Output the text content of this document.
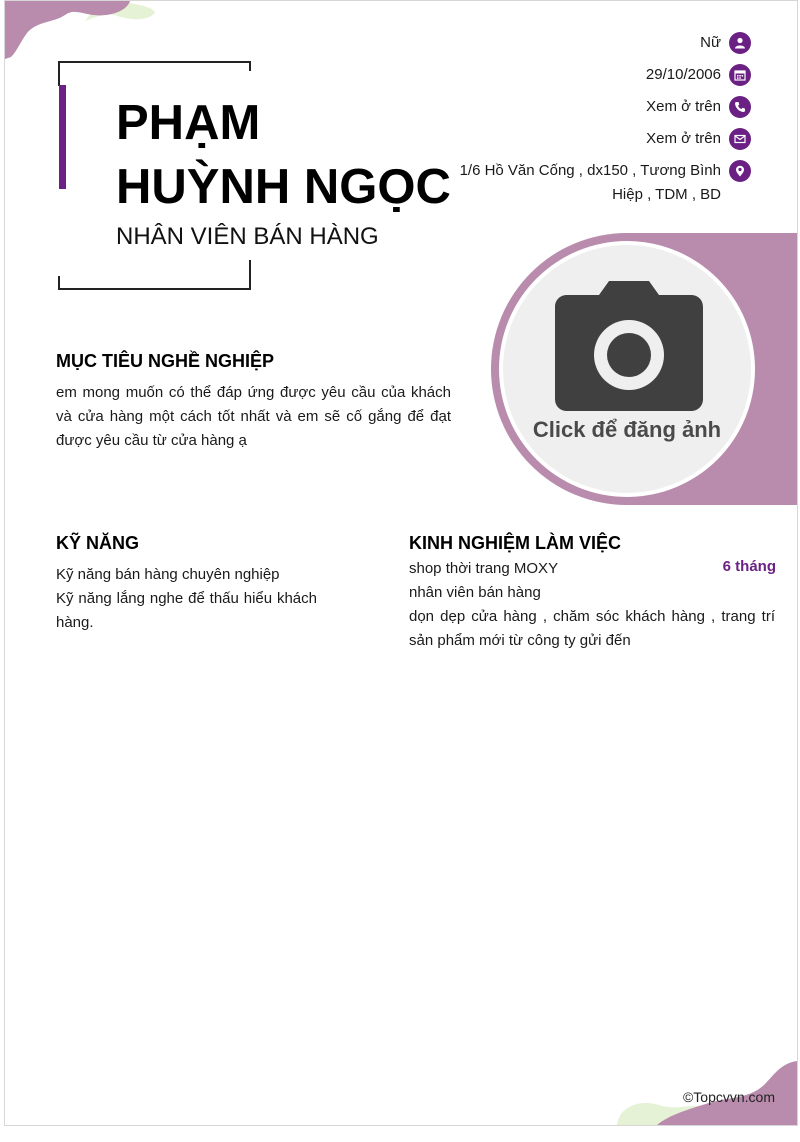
PHẠM
HUỲNH NGỌC
NHÂN VIÊN BÁN HÀNG
Nữ
29/10/2006
Xem ở trên
Xem ở trên
1/6 Hồ Văn Cống , dx150 , Tương Bình Hiệp , TDM , BD
Click để đăng ảnh
MỤC TIÊU NGHỀ NGHIỆP
em mong muốn có thể đáp ứng được yêu cầu của khách và cửa hàng một cách tốt nhất và em sẽ cố gắng để đạt được yêu cầu từ cửa hàng ạ
KỸ NĂNG
Kỹ năng bán hàng chuyên nghiệp
Kỹ năng lắng nghe để thấu hiểu khách hàng.
KINH NGHIỆM LÀM VIỆC
shop thời trang MOXY	6 tháng
nhân viên bán hàng
dọn dẹp cửa hàng , chăm sóc khách hàng , trang trí sản phẩm mới từ công ty gửi đến
©Topcvvn.com
